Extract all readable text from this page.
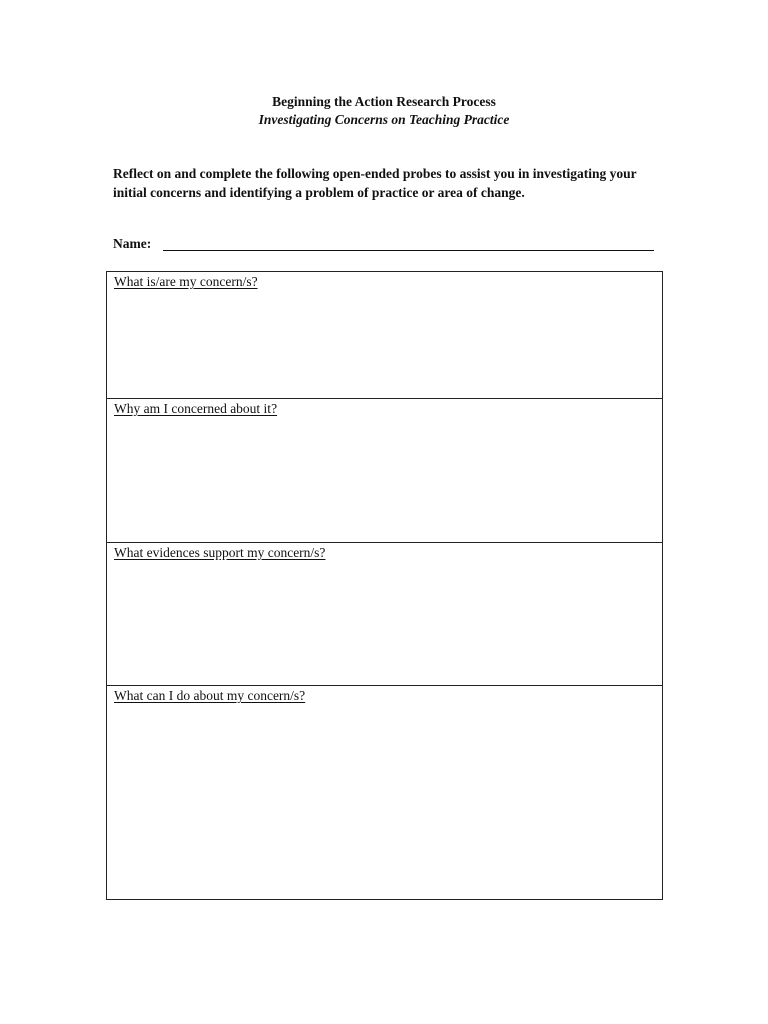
Beginning the Action Research Process
Investigating Concerns on Teaching Practice
Reflect on and complete the following open-ended probes to assist you in investigating your initial concerns and identifying a problem of practice or area of change.
Name:
What is/are my concern/s?
Why am I concerned about it?
What evidences support my concern/s?
What can I do about my concern/s?
